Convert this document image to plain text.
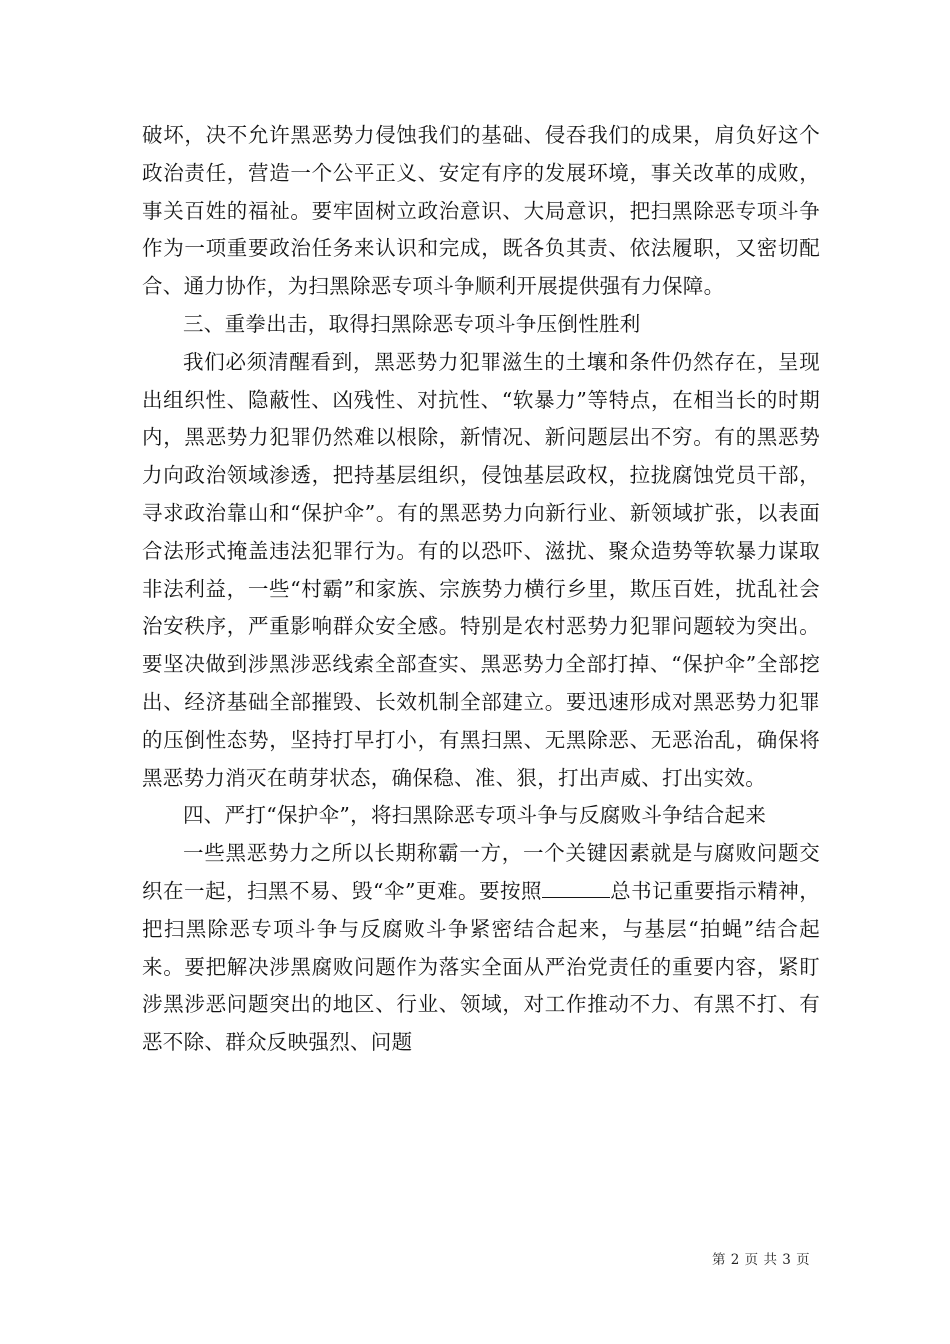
破坏，决不允许黑恶势力侵蚀我们的基础、侵吞我们的成果，肩负好这个政治责任，营造一个公平正义、安定有序的发展环境，事关改革的成败，事关百姓的福祉。要牢固树立政治意识、大局意识，把扫黑除恶专项斗争作为一项重要政治任务来认识和完成，既各负其责、依法履职，又密切配合、通力协作，为扫黑除恶专项斗争顺利开展提供强有力保障。

三、重拳出击，取得扫黑除恶专项斗争压倒性胜利

我们必须清醒看到，黑恶势力犯罪滋生的土壤和条件仍然存在，呈现出组织性、隐蔽性、凶残性、对抗性、“软暴力”等特点，在相当长的时期内，黑恶势力犯罪仍然难以根除，新情况、新问题层出不穷。有的黑恶势力向政治领域渗透，把持基层组织，侵蚀基层政权，拉拢腐蚀党员干部，寻求政治靠山和“保护伞”。有的黑恶势力向新行业、新领域扩张，以表面合法形式掩盖违法犯罪行为。有的以恐吓、滋扰、聚众造势等软暴力谋取非法利益，一些“村霸”和家族、宗族势力横行乡里，欺压百姓，扰乱社会治安秩序，严重影响群众安全感。特别是农村恶势力犯罪问题较为突出。要坚决做到涉黑涉恶线索全部查实、黑恶势力全部打掉、“保护伞”全部挖出、经济基础全部摧毁、长效机制全部建立。要迅速形成对黑恶势力犯罪的压倒性态势，坚持打早打小，有黑扫黑、无黑除恶、无恶治乱，确保将黑恶势力消灭在萌芽状态，确保稳、准、狠，打出声威、打出实效。

四、严打“保护伞”，将扫黑除恶专项斗争与反腐败斗争结合起来

一些黑恶势力之所以长期称霸一方，一个关键因素就是与腐败问题交织在一起，扫黑不易、毁“伞”更难。要按照	总书记重要指示精神，把扫黑除恶专项斗争与反腐败斗争紧密结合起来，与基层“拍蝇”结合起来。要把解决涉黑腐败问题作为落实全面从严治党责任的重要内容，紧盯涉黑涉恶问题突出的地区、行业、领域，对工作推动不力、有黑不打、有恶不除、群众反映强烈、问题

第 2 页 共 3 页
